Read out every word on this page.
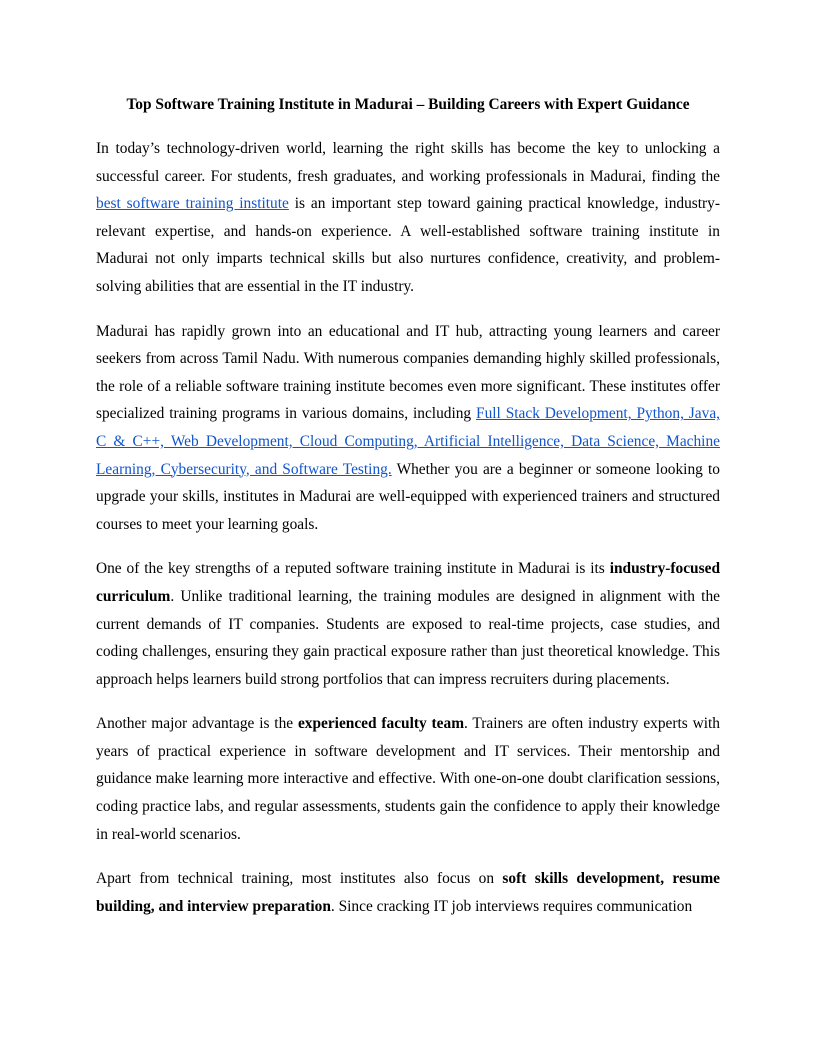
Top Software Training Institute in Madurai – Building Careers with Expert Guidance

In today’s technology-driven world, learning the right skills has become the key to unlocking a successful career. For students, fresh graduates, and working professionals in Madurai, finding the best software training institute is an important step toward gaining practical knowledge, industry-relevant expertise, and hands-on experience. A well-established software training institute in Madurai not only imparts technical skills but also nurtures confidence, creativity, and problem-solving abilities that are essential in the IT industry.

Madurai has rapidly grown into an educational and IT hub, attracting young learners and career seekers from across Tamil Nadu. With numerous companies demanding highly skilled professionals, the role of a reliable software training institute becomes even more significant. These institutes offer specialized training programs in various domains, including Full Stack Development, Python, Java, C & C++, Web Development, Cloud Computing, Artificial Intelligence, Data Science, Machine Learning, Cybersecurity, and Software Testing. Whether you are a beginner or someone looking to upgrade your skills, institutes in Madurai are well-equipped with experienced trainers and structured courses to meet your learning goals.

One of the key strengths of a reputed software training institute in Madurai is its industry-focused curriculum. Unlike traditional learning, the training modules are designed in alignment with the current demands of IT companies. Students are exposed to real-time projects, case studies, and coding challenges, ensuring they gain practical exposure rather than just theoretical knowledge. This approach helps learners build strong portfolios that can impress recruiters during placements.

Another major advantage is the experienced faculty team. Trainers are often industry experts with years of practical experience in software development and IT services. Their mentorship and guidance make learning more interactive and effective. With one-on-one doubt clarification sessions, coding practice labs, and regular assessments, students gain the confidence to apply their knowledge in real-world scenarios.

Apart from technical training, most institutes also focus on soft skills development, resume building, and interview preparation. Since cracking IT job interviews requires communication
